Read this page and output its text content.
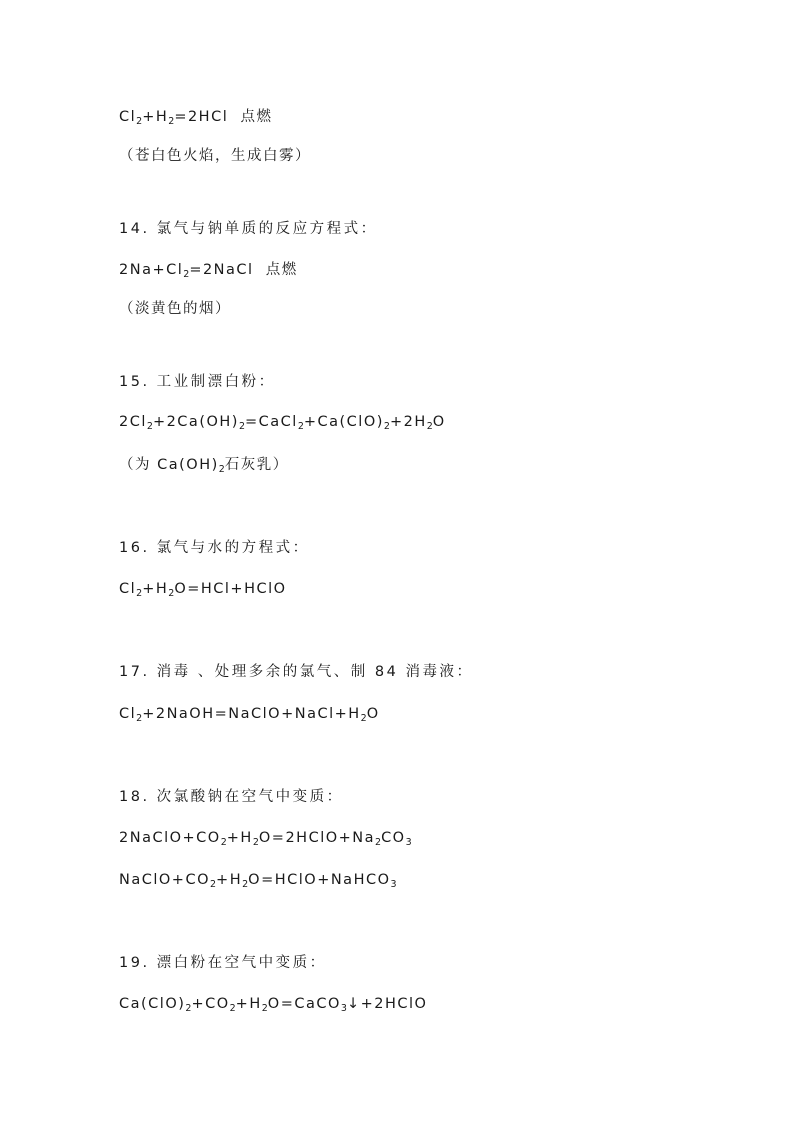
$Cl_2+H_2=2HCl$  点燃
（苍白色火焰，生成白雾）
14. 氯气与钠单质的反应方程式：
$2Na+Cl_2=2NaCl$  点燃
（淡黄色的烟）
15. 工业制漂白粉：
$2Cl_2+2Ca(OH)_2=CaCl_2+Ca(ClO)_2+2H_2O$
（为 $Ca(OH)_2$石灰乳）
16. 氯气与水的方程式：
$Cl_2+H_2O=HCl+HClO$
17. 消毒 、处理多余的氯气、制 84 消毒液：
$Cl_2+2NaOH=NaClO+NaCl+H_2O$
18. 次氯酸钠在空气中变质：
$2NaClO+CO_2+H_2O=2HClO+Na_2CO_3$
$NaClO+CO_2+H_2O=HClO+NaHCO_3$
19. 漂白粉在空气中变质：
$Ca(ClO)_2+CO_2+H_2O=CaCO_3↓+2HClO$
